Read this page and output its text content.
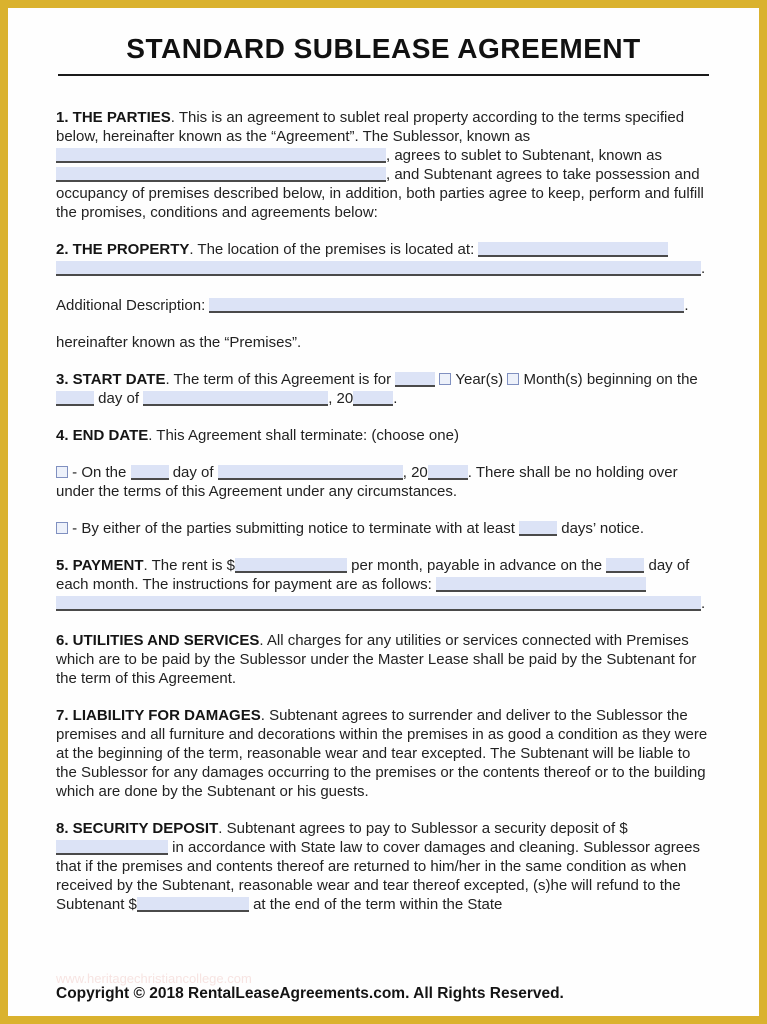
STANDARD SUBLEASE AGREEMENT

1. THE PARTIES. This is an agreement to sublet real property according to the terms specified below, hereinafter known as the “Agreement”. The Sublessor, known as , agrees to sublet to Subtenant, known as , and Subtenant agrees to take possession and occupancy of premises described below, in addition, both parties agree to keep, perform and fulfill the promises, conditions and agreements below:

2. THE PROPERTY. The location of the premises is located at: .

Additional Description:	.

hereinafter known as the “Premises”.

3. START DATE. The term of this Agreement is for	Year(s)  Month(s) beginning on the  day of	, 20	.

4. END DATE. This Agreement shall terminate: (choose one)

- On the	day of	, 20	. There shall be no holding over under the terms of this Agreement under any circumstances.

- By either of the parties submitting notice to terminate with at least	days’ notice.

5. PAYMENT. The rent is $	per month, payable in advance on the	day of each month. The instructions for payment are as follows: .

6. UTILITIES AND SERVICES. All charges for any utilities or services connected with Premises which are to be paid by the Sublessor under the Master Lease shall be paid by the Subtenant for the term of this Agreement.

7. LIABILITY FOR DAMAGES. Subtenant agrees to surrender and deliver to the Sublessor the premises and all furniture and decorations within the premises in as good a condition as they were at the beginning of the term, reasonable wear and tear excepted. The Subtenant will be liable to the Sublessor for any damages occurring to the premises or the contents thereof or to the building which are done by the Subtenant or his guests.

8. SECURITY DEPOSIT. Subtenant agrees to pay to Sublessor a security deposit of $ in accordance with State law to cover damages and cleaning. Sublessor agrees that if the premises and contents thereof are returned to him/her in the same condition as when received by the Subtenant, reasonable wear and tear thereof excepted, (s)he will refund to the Subtenant $	at the end of the term within the State

www.heritagechristiancollege.com

Copyright © 2018 RentalLeaseAgreements.com. All Rights Reserved.
